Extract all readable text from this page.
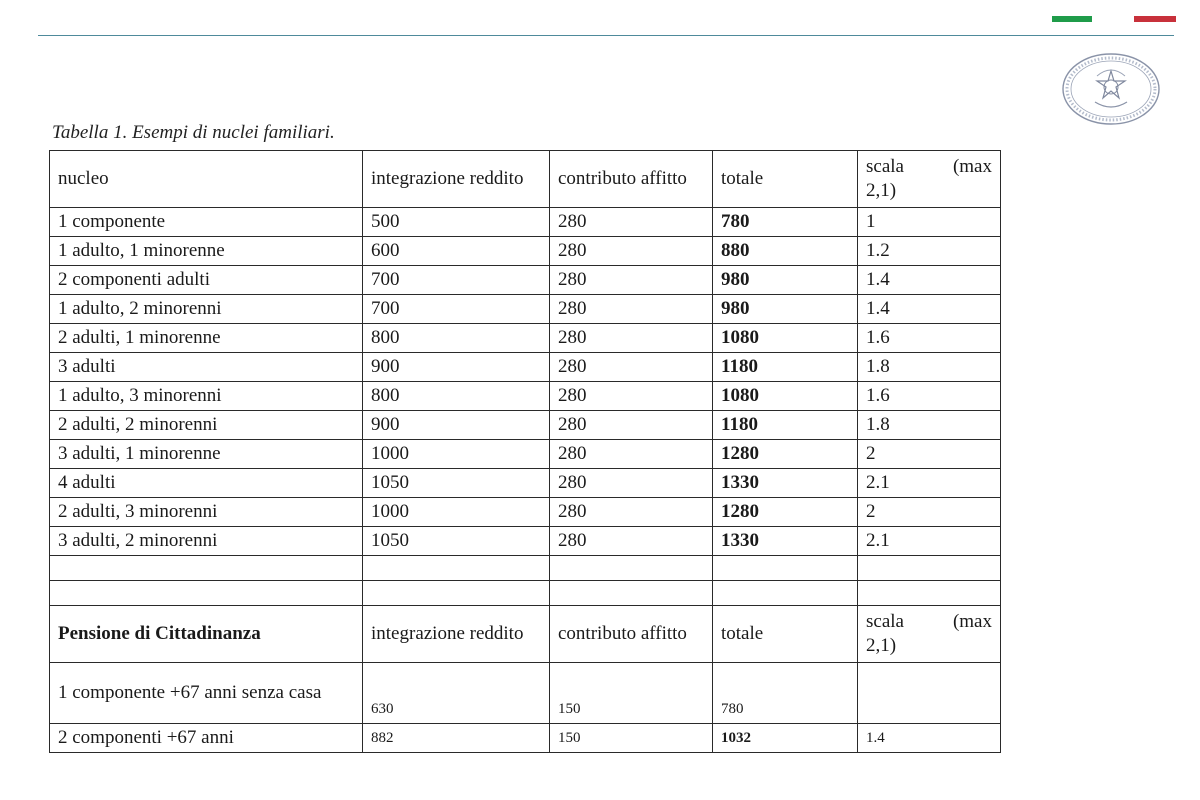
Tabella 1. Esempi di nuclei familiari.
nucleo	integrazione reddito	contributo affitto	totale	scala (max
2,1)

1 componente	500	280	780	1
1 adulto, 1 minorenne	600	280	880	1.2
2 componenti adulti	700	280	980	1.4
1 adulto, 2 minorenni	700	280	980	1.4
2 adulti, 1 minorenne	800	280	1080	1.6
3 adulti	900	280	1180	1.8
1 adulto, 3 minorenni	800	280	1080	1.6
2 adulti, 2 minorenni	900	280	1180	1.8
3 adulti, 1 minorenne	1000	280	1280	2
4 adulti	1050	280	1330	2.1
2 adulti, 3 minorenni	1000	280	1280	2
3 adulti, 2 minorenni	1050	280	1330	2.1

Pensione di Cittadinanza	integrazione reddito	contributo affitto	totale	scala (max
2,1)

1 componente +67 anni senza casa	630	150	780	
2 componenti +67 anni	882	150	1032	1.4
